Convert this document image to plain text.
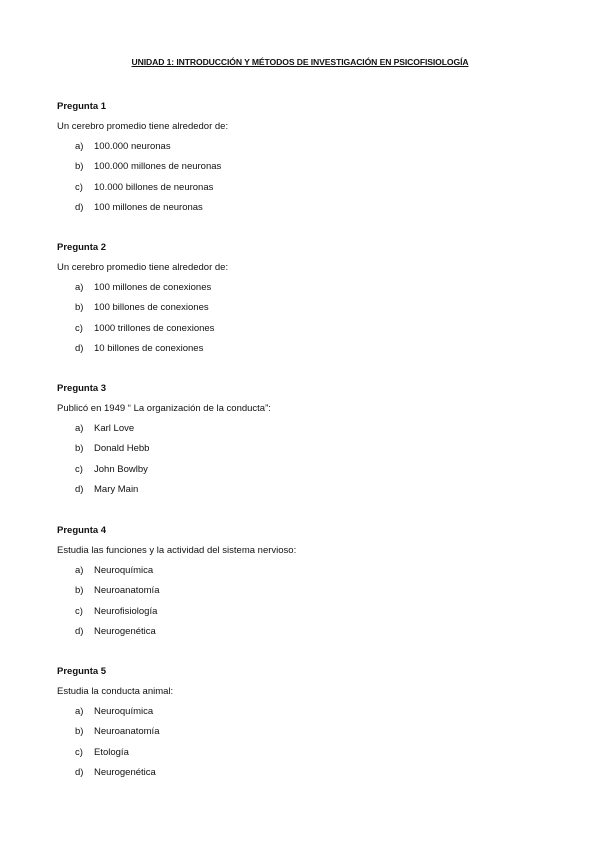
UNIDAD 1: INTRODUCCIÓN Y MÉTODOS DE INVESTIGACIÓN EN PSICOFISIOLOGÍA
Pregunta 1
Un cerebro promedio tiene alrededor de:
a) 100.000 neuronas
b) 100.000 millones de neuronas
c) 10.000 billones de neuronas
d) 100 millones de neuronas
Pregunta 2
Un cerebro promedio tiene alrededor de:
a) 100 millones de conexiones
b) 100 billones de conexiones
c) 1000 trillones de conexiones
d) 10 billones de conexiones
Pregunta 3
Publicó en 1949 “ La organización de la conducta”:
a) Karl Love
b) Donald Hebb
c) John Bowlby
d) Mary Main
Pregunta 4
Estudia las funciones y la actividad del sistema nervioso:
a) Neuroquímica
b) Neuroanatomía
c) Neurofisiología
d) Neurogenética
Pregunta 5
Estudia la conducta animal:
a) Neuroquímica
b) Neuroanatomía
c) Etología
d) Neurogenética
